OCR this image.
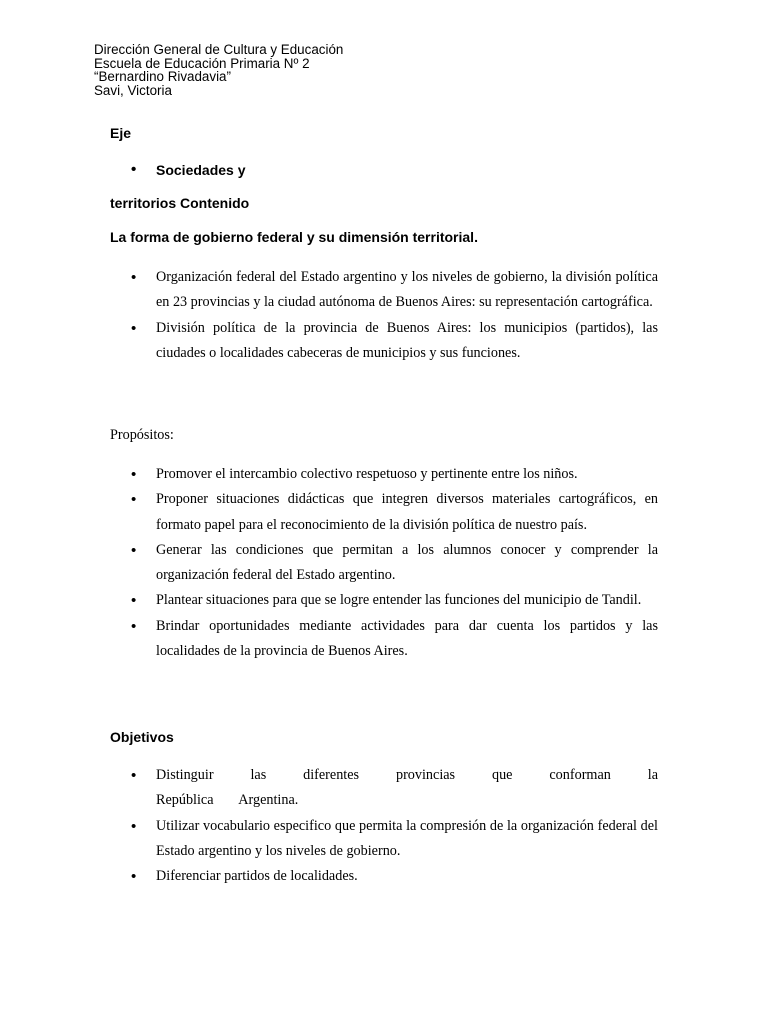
Dirección General de Cultura y Educación
Escuela de Educación Primaria Nº 2
“Bernardino Rivadavia”
Savi, Victoria
Eje
• Sociedades y
territorios Contenido
La forma de gobierno federal y su dimensión territorial.
• Organización federal del Estado argentino y los niveles de gobierno, la división política en 23 provincias y la ciudad autónoma de Buenos Aires: su representación cartográfica.
• División política de la provincia de Buenos Aires: los municipios (partidos), las ciudades o localidades cabeceras de municipios y sus funciones.
Propósitos:
• Promover el intercambio colectivo respetuoso y pertinente entre los niños.
• Proponer situaciones didácticas que integren diversos materiales cartográficos, en formato papel para el reconocimiento de la división política de nuestro país.
• Generar las condiciones que permitan a los alumnos conocer y comprender la organización federal del Estado argentino.
• Plantear situaciones para que se logre entender las funciones del municipio de Tandil.
• Brindar oportunidades mediante actividades para dar cuenta los partidos y las localidades de la provincia de Buenos Aires.
Objetivos
• Distinguir las diferentes provincias que conforman la República Argentina.
• Utilizar vocabulario especifico que permita la compresión de la organización federal del Estado argentino y los niveles de gobierno.
• Diferenciar partidos de localidades.
